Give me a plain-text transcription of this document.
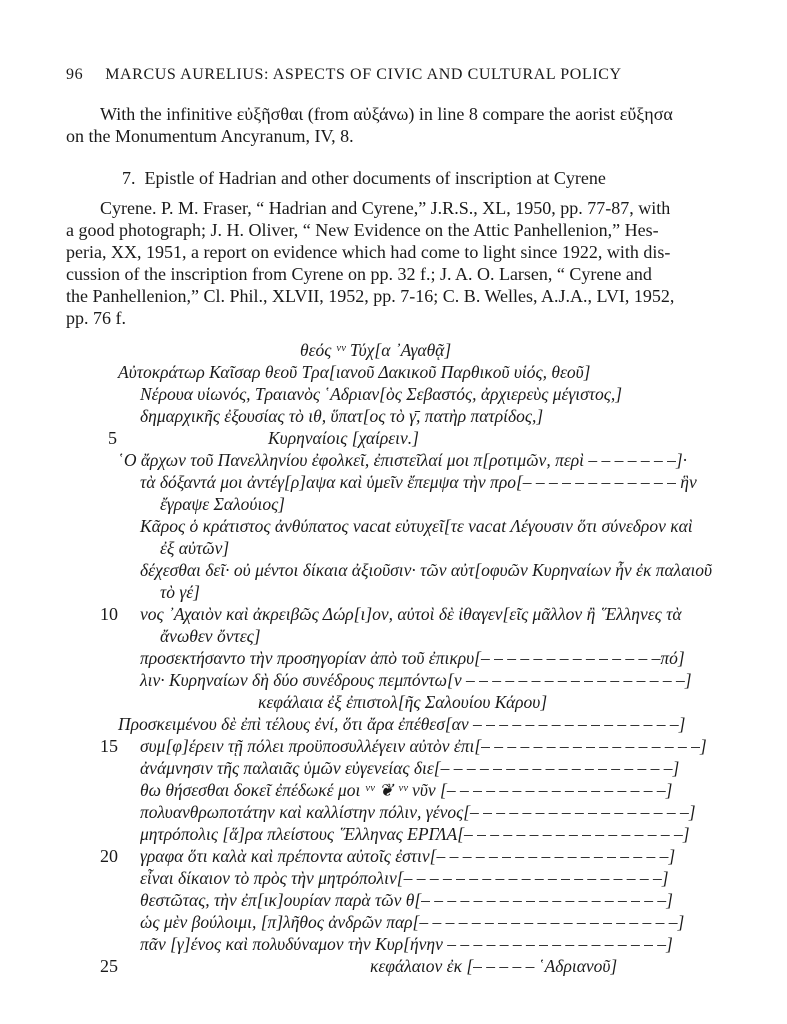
96 MARCUS AURELIUS: ASPECTS OF CIVIC AND CULTURAL POLICY
With the infinitive εὐξῆσθαι (from αὐξάνω) in line 8 compare the aorist εὔξησα
on the Monumentum Ancyranum, IV, 8.
7. Epistle of Hadrian and other documents of inscription at Cyrene
Cyrene. P. M. Fraser, “ Hadrian and Cyrene,” J.R.S., XL, 1950, pp. 77-87, with
a good photograph; J. H. Oliver, “ New Evidence on the Attic Panhellenion,” Hes-
peria, XX, 1951, a report on evidence which had come to light since 1922, with dis-
cussion of the inscription from Cyrene on pp. 32 f.; J. A. O. Larsen, “ Cyrene and
the Panhellenion,” Cl. Phil., XLVII, 1952, pp. 7-16; C. B. Welles, A.J.A., LVI, 1952,
pp. 76 f.
θεός ᵛᵛ Τύχ[α ᾽Αγαθᾷ]
Αὐτοκράτωρ Καῖσαρ θεοῦ Τρα[ιανοῦ Δακικοῦ Παρθικοῦ υἱός, θεοῦ]
Νέρουα υἱωνός, Τραιανὸς ῾Αδριαν[ὸς Σεβαστός, ἀρχιερεὺς μέγιστος,]
δημαρχικῆς ἐξουσίας τὸ ιθ, ὕπατ[ος τὸ γ̄, πατὴρ πατρίδος,]
5	Κυρηναίοις [χαίρειν.]
῾Ο ἄρχων τοῦ Πανελληνίου ἐφολκεῖ, ἐπιστεῖλαί μοι π[ροτιμῶν, περὶ – – – – – – –]·
τὰ δόξαντά μοι ἀντέγ[ρ]αψα καὶ ὑμεῖν ἔπεμψα τὴν προ[– – – – – – – – – – – – ἣν
ἔγραψε Σαλούιος]
Κᾶρος ὁ κράτιστος ἀνθύπατος vacat εὐτυχεῖ[τε vacat Λέγουσιν ὅτι σύνεδρον καὶ
ἐξ αὐτῶν]
δέχεσθαι δεῖ· οὐ μέντοι δίκαια ἀξιοῦσιν· τῶν αὐτ[οφυῶν Κυρηναίων ἦν ἐκ παλαιοῦ
τὸ γέ]
10 νος ᾽Αχαιὸν καὶ ἀκρειβῶς Δώρ[ι]ον, αὐτοὶ δὲ ἰθαγεν[εῖς μᾶλλον ἢ ῞Ελληνες τὰ
ἄνωθεν ὄντες]
προσεκτήσαντο τὴν προσηγορίαν ἀπὸ τοῦ ἐπικρυ[– – – – – – – – – – – – – –πό]
λιν· Κυρηναίων δὴ δύο συνέδρους πεμπόντω[ν – – – – – – – – – – – – – – – – –]
κεφάλαια ἐξ ἐπιστολ[ῆς Σαλουίου Κάρου]
Προσκειμένου δὲ ἐπὶ τέλους ἐνί, ὅτι ἄρα ἐπέθεσ[αν – – – – – – – – – – – – – – – –]
15 συμ[φ]έρειν τῇ πόλει προϋποσυλλέγειν αὐτὸν ἐπι[– – – – – – – – – – – – – – – – –]
ἀνάμνησιν τῆς παλαιᾶς ὑμῶν εὐγενείας διε[– – – – – – – – – – – – – – – – – –]
θω θήσεσθαι δοκεῖ ἐπέδωκέ μοι ᵛᵛ ❦ ᵛᵛ νῦν [– – – – – – – – – – – – – – – – –]
πολυανθρωποτάτην καὶ καλλίστην πόλιν, γένος[– – – – – – – – – – – – – – – – –]
μητρόπολις [ἅ]ρα πλείστους ῞Ελληνας ΕΡΓΛΑ[– – – – – – – – – – – – – – – – –]
20 γραφα ὅτι καλὰ καὶ πρέποντα αὐτοῖς ἐστιν[– – – – – – – – – – – – – – – – – –]
εἶναι δίκαιον τὸ πρὸς τὴν μητρόπολιν[– – – – – – – – – – – – – – – – – – – –]
θεστῶτας, τὴν ἐπ[ικ]ουρίαν παρὰ τῶν θ[– – – – – – – – – – – – – – – – – – –]
ὡς μὲν βούλοιμι, [π]λῆθος ἀνδρῶν παρ[– – – – – – – – – – – – – – – – – – – –]
πᾶν [γ]ένος καὶ πολυδύναμον τὴν Κυρ[ήνην – – – – – – – – – – – – – – – – –]
25	κεφάλαιον ἐκ [– – – – – ῾Αδριανοῦ]
